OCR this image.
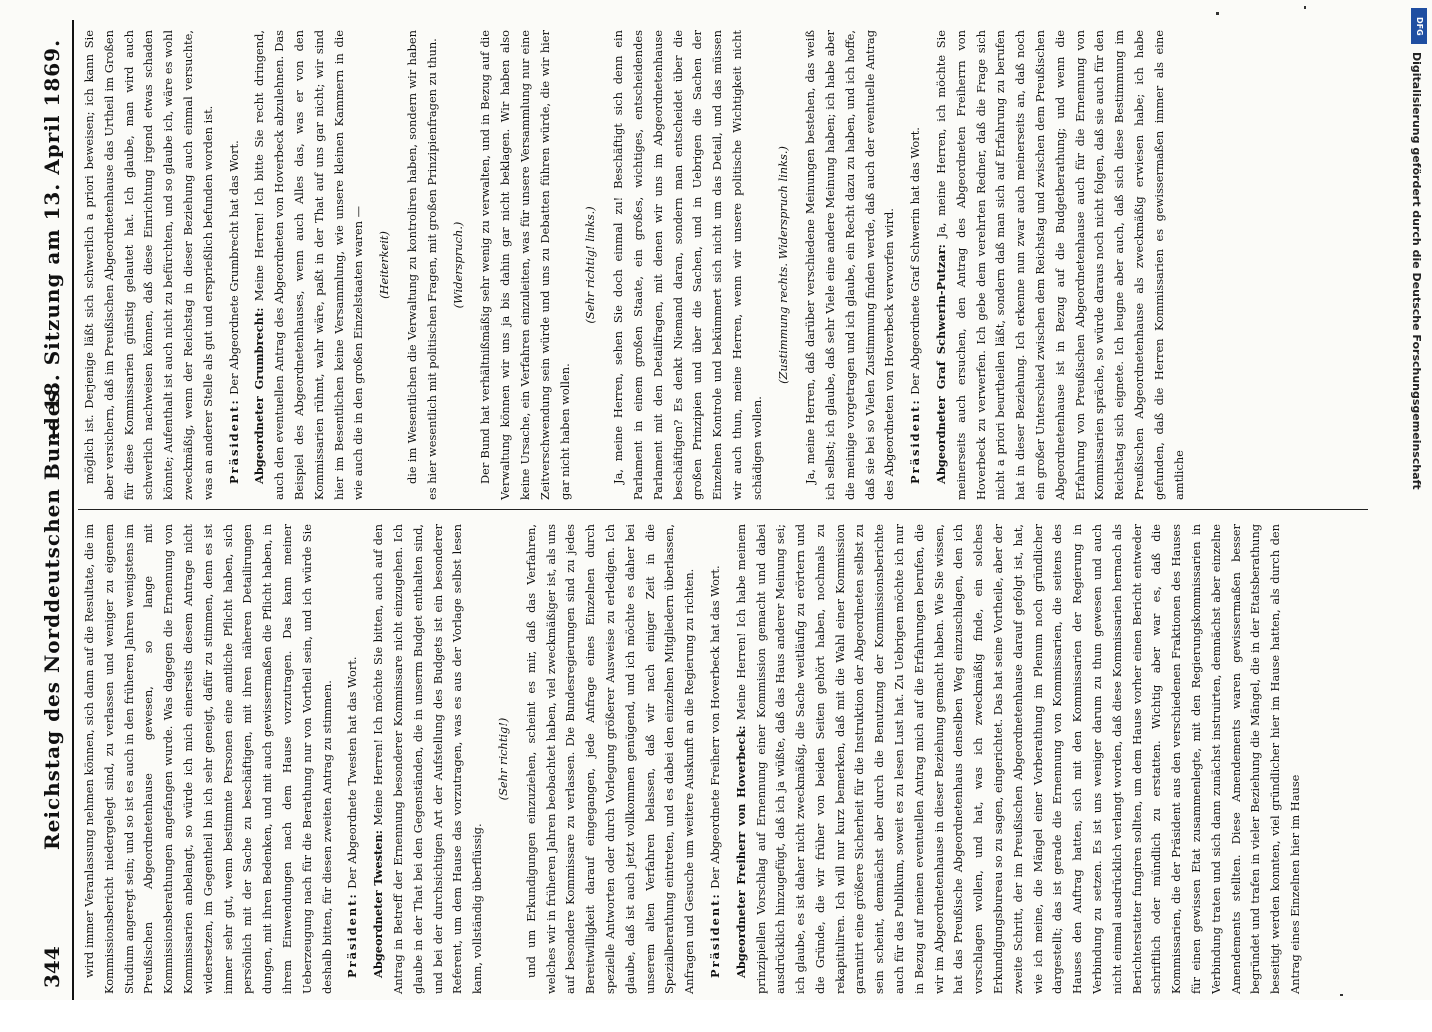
344
Reichstag des Norddeutschen Bundes.
— 18. Sitzung am 13. April 1869.

wird immer Veranlassung nehmen können, sich dann auf die Resultate, die im Kommissionsbericht niedergelegt sind, zu verlassen und weniger zu eigenem Studium angeregt sein; und so ist es auch in den früheren Jahren wenigstens im Preußischen Abgeordnetenhause gewesen, so lange mit Kommissionsberathungen angefangen wurde. Was dagegen die Ernennung von Kommissarien anbelangt, so würde ich mich einerseits diesem Antrage nicht widersetzen, im Gegentheil bin ich sehr geneigt, dafür zu stimmen, denn es ist immer sehr gut, wenn bestimmte Personen eine amtliche Pflicht haben, sich persönlich mit der Sache zu beschäftigen, mit ihren näheren Detailirungen dungen, mit ihren Bedenken, und mit auch gewissermaßen die Pflicht haben, in ihrem Einwendungen nach dem Hause vorzutragen. Das kann meiner Ueberzeugung nach für die Berathung nur von Vortheil sein, und ich würde Sie deshalb bitten, für diesen zweiten Antrag zu stimmen.	Präsident: Der Abgeordnete Twesten hat das Wort.

Abgeordneter Twesten: Meine Herren! Ich möchte Sie bitten, auch auf den Antrag in Betreff der Ernennung besonderer Kommissare nicht einzugehen. Ich glaube in der That bei den Gegenständen, die in unserm Budget enthalten sind, und bei der durchsichtigen Art der Aufstellung des Budgets ist ein besonderer Referent, um dem Hause das vorzutragen, was es aus der Vorlage selbst lesen kann, vollständig überflüssig.

(Sehr richtig!)	und um Erkundigungen einzuziehen, scheint es mir, daß das Verfahren, welches wir in früheren Jahren beobachtet haben, viel zweckmäßiger ist, als uns auf besondere Kommissare zu verlassen. Die Bundesregierungen sind zu jedes Bereitwilligkeit darauf eingegangen, jede Anfrage eines Einzelnen durch spezielle Antworten oder durch Vorlegung größerer Ausweise zu erledigen. Ich glaube, daß ist auch jetzt vollkommen genügend, und ich möchte es daher bei unserem alten Verfahren belassen, daß wir nach einiger Zeit in die Spezialberathung eintreten, und es dabei den einzelnen Mitgliedern überlassen, Anfragen und Gesuche um weitere Auskunft an die Regierung zu richten.	Präsident: Der Abgeordnete Freiherr von Hoverbeck hat das Wort.	Abgeordneter Freiherr von Hoverbeck: Meine Herren! Ich habe meinem prinzipiellen Vorschlag auf Ernennung einer Kommission gemacht und dabei ausdrücklich hinzugefügt, daß ich ja wüßte, daß das Haus anderer Meinung sei; ich glaube, es ist daher nicht zweckmäßig, die Sache weitläufig zu erörtern und die Gründe, die wir früher von beiden Seiten gehört haben, nochmals zu rekapituliren. Ich will nur kurz bemerken, daß mit die Wahl einer Kommission garantirt eine größere Sicherheit für die Instruktion der Abgeordneten selbst zu sein scheint, demnächst aber durch die Benutzung der Kommissionsberichte auch für das Publikum, soweit es zu lesen Lust hat. Zu Uebrigen möchte ich nur in Bezug auf meinen eventuellen Antrag mich auf die Erfahrungen berufen, die wir im Abgeordnetenhause in dieser Beziehung gemacht haben. Wie Sie wissen, hat das Preußische Abgeordnetenhaus denselben Weg einzuschlagen, den ich vorschlagen wollen, und hat, was ich zweckmäßig finde, ein solches Erkundigungsbureau so zu sagen, eingerichtet. Das hat seine Vortheile, aber der zweite Schritt, der im Preußischen Abgeordnetenhause darauf gefolgt ist, hat, wie ich meine, die Mängel einer Vorberathung im Plenum noch gründlicher dargestellt; das ist gerade die Ernennung von Kommissarien, die seitens des Hauses den Auftrag hatten, sich mit den Kommissarien der Regierung in Verbindung zu setzen. Es ist uns weniger darum zu thun gewesen und auch nicht einmal ausdrücklich verlangt worden, daß diese Kommissarien hernach als Berichterstatter fungiren sollten, um dem Hause vorher einen Bericht entweder schriftlich oder mündlich zu erstatten. Wichtig aber war es, daß die Kommissarien, die der Präsident aus den verschiedenen Fraktionen des Hauses für einen gewissen Etat zusammenlegte, mit den Regierungskommissarien in Verbindung traten und sich dann zunächst instruirten, demnächst aber einzelne Amendements stellten. Diese Amendements waren gewissermaßen besser begründet und trafen in vieler Beziehung die Mängel, die in der Etatsberathung beseitigt werden konnten, viel gründlicher hier im Hause hatten, als durch den Antrag eines Einzelnen hier im Hause

möglich ist. Derjenige läßt sich schwerlich a priori beweisen; ich kann Sie aber versichern, daß im Preußischen Abgeordnetenhause das Urtheil im Großen für diese Kommissarien günstig gelautet hat. Ich glaube, man wird auch schwerlich nachweisen können, daß diese Einrichtung irgend etwas schaden könnte; Aufenthalt ist auch nicht zu befürchten, und so glaube ich, wäre es wohl zweckmäßig, wenn der Reichstag in dieser Beziehung auch einmal versuchte, was an anderer Stelle als gut und ersprießlich befunden worden ist.	Präsident: Der Abgeordnete Grumbrecht hat das Wort.	Abgeordneter Grumbrecht: Meine Herren! Ich bitte Sie recht dringend, auch den eventuellen Antrag des Abgeordneten von Hoverbeck abzulehnen. Das Beispiel des Abgeordnetenhauses, wenn auch Alles das, was er von den Kommissarien rühmt, wahr wäre, paßt in der That auf uns gar nicht; wir sind hier im Besentlichen keine Versammlung, wie unsere kleinen Kammern in die wie auch die in den großen Einzelstaaten waren —	(Heiterkeit)	die im Wesentlichen die Verwaltung zu kontroliren haben, sondern wir haben es hier wesentlich mit politischen Fragen, mit großen Prinzipienfragen zu thun.	(Widerspruch.)	Der Bund hat verhältnißmäßig sehr wenig zu verwalten, und in Bezug auf die Verwaltung können wir uns ja bis dahin gar nicht beklagen. Wir haben also keine Ursache, ein Verfahren einzuleiten, was für unsere Versammlung nur eine Zeitverschwendung sein würde und uns zu Debatten führen würde, die wir hier gar nicht haben wollen.

(Sehr richtig! links.)	Ja, meine Herren, sehen Sie doch einmal zu! Beschäftigt sich denn ein Parlament in einem großen Staate, ein großes, wichtiges, entscheidendes Parlament mit den Detailfragen, mit denen wir uns im Abgeordnetenhause beschäftigen? Es denkt Niemand daran, sondern man entscheidet über die großen Prinzipien und über die Sachen, und in Uebrigen die Sachen der Einzelnen Kontrole und bekümmert sich nicht um das Detail, und das müssen wir auch thun, meine Herren, wenn wir unsere politische Wichtigkeit nicht schädigen wollen.

(Zustimmung rechts. Widerspruch links.)	Ja, meine Herren, daß darüber verschiedene Meinungen bestehen, das weiß ich selbst; ich glaube, daß sehr Viele eine andere Meinung haben; ich habe aber die meinige vorgetragen und ich glaube, ein Recht dazu zu haben, und ich hoffe, daß sie bei so Vielen Zustimmung finden werde, daß auch der eventuelle Antrag des Abgeordneten von Hoverbeck verworfen wird.	Präsident: Der Abgeordnete Graf Schwerin hat das Wort.	Abgeordneter Graf Schwerin-Putzar: Ja, meine Herren, ich möchte Sie meinerseits auch ersuchen, den Antrag des Abgeordneten Freiherrn von Hoverbeck zu verwerfen. Ich gebe dem verehrten Redner, daß die Frage sich nicht a priori beurtheilen läßt, sondern daß man sich auf Erfahrung zu berufen hat in dieser Beziehung. Ich erkenne nun zwar auch meinerseits an, daß noch ein großer Unterschied zwischen dem Reichstag und zwischen dem Preußischen Abgeordnetenhause ist in Bezug auf die Budgetberathung; und wenn die Erfahrung von Preußischen Abgeordnetenhause auch für die Ernennung von Kommissarien spräche, so würde daraus noch nicht folgen, daß sie auch für den Reichstag sich eignete. Ich leugne aber auch, daß sich diese Bestimmung im Preußischen Abgeordnetenhause als zweckmäßig erwiesen habe; ich habe gefunden, daß die Herren Kommissarien es gewissermaßen immer als eine amtliche

DFG
Digitalisierung gefördert durch die Deutsche Forschungsgemeinschaft
